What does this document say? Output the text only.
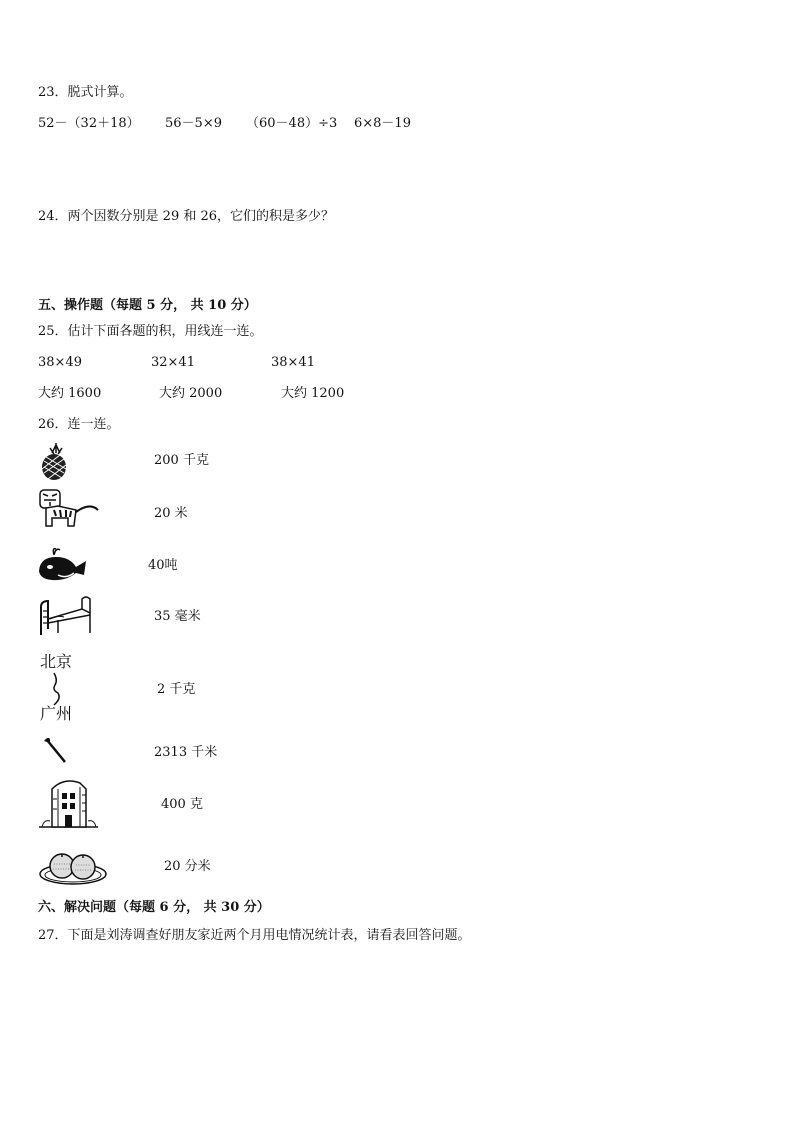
23．脱式计算。
52－（32＋18） 56－5×9 （60－48）÷3 6×8－19
24．两个因数分别是 29 和 26，它们的积是多少？
五、操作题（每题 5 分， 共 10 分）
25．估计下面各题的积，用线连一连。
38×49	32×41	38×41
大约 1600	大约 2000	大约 1200
26．连一连。
200 千克
20 米
40吨
35 毫米
北京
广州
2 千克
2313 千米
400 克
20 分米
六、解决问题（每题 6 分， 共 30 分）
27．下面是刘涛调查好朋友家近两个月用电情况统计表，请看表回答问题。
